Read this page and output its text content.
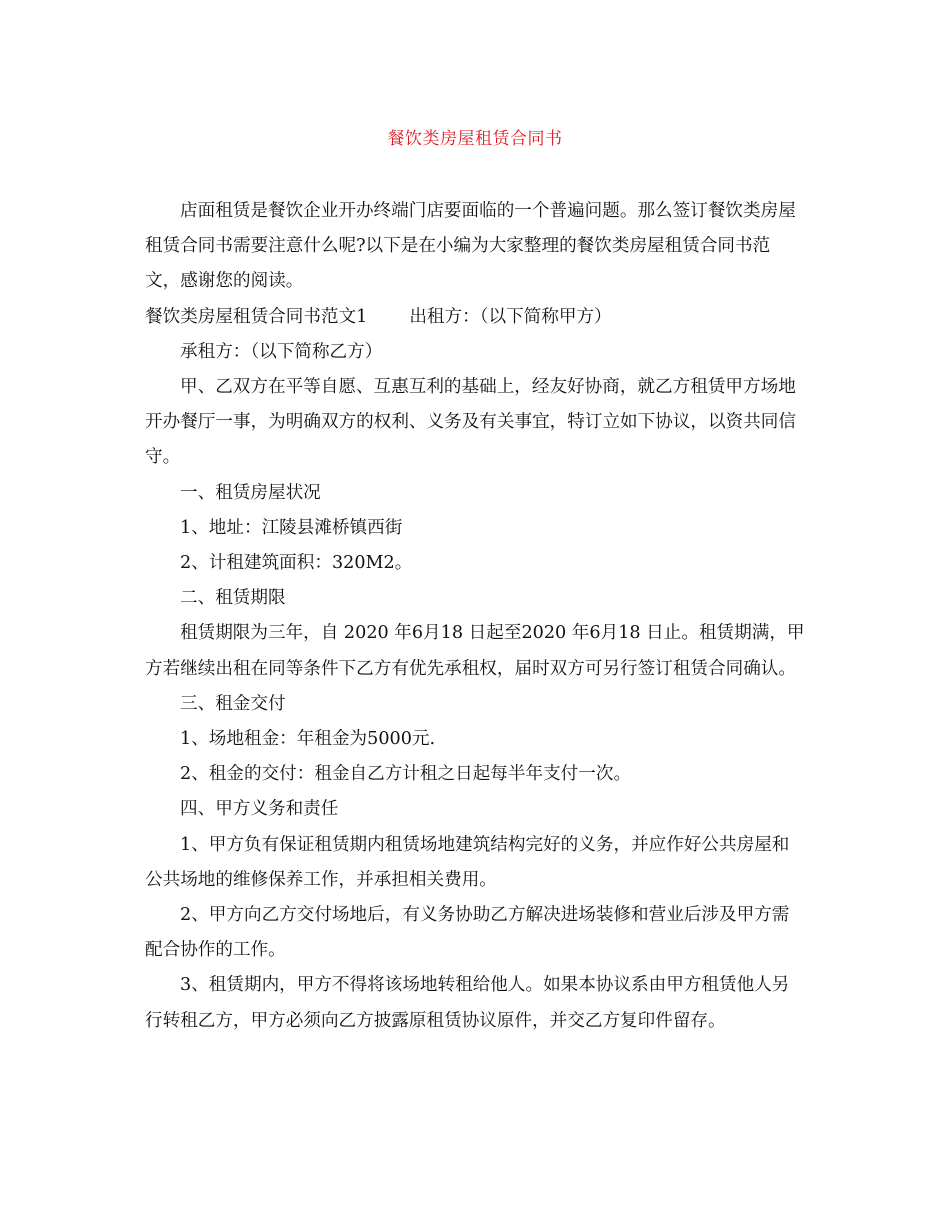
餐饮类房屋租赁合同书

店面租赁是餐饮企业开办终端门店要面临的一个普遍问题。那么签订餐饮类房屋租赁合同书需要注意什么呢?以下是在小编为大家整理的餐饮类房屋租赁合同书范文，感谢您的阅读。

餐饮类房屋租赁合同书范文1 出租方：（以下简称甲方）

承租方：（以下简称乙方）

甲、乙双方在平等自愿、互惠互利的基础上，经友好协商，就乙方租赁甲方场地开办餐厅一事，为明确双方的权利、义务及有关事宜，特订立如下协议，以资共同信守。

一、租赁房屋状况

1、地址：江陵县滩桥镇西街

2、计租建筑面积：320M2。

二、租赁期限

租赁期限为三年，自 2020 年6月18 日起至2020 年6月18 日止。租赁期满，甲方若继续出租在同等条件下乙方有优先承租权，届时双方可另行签订租赁合同确认。

三、租金交付

1、场地租金：年租金为5000元.

2、租金的交付：租金自乙方计租之日起每半年支付一次。

四、甲方义务和责任

1、甲方负有保证租赁期内租赁场地建筑结构完好的义务，并应作好公共房屋和公共场地的维修保养工作，并承担相关费用。

2、甲方向乙方交付场地后，有义务协助乙方解决进场装修和营业后涉及甲方需配合协作的工作。

3、租赁期内，甲方不得将该场地转租给他人。如果本协议系由甲方租赁他人另行转租乙方，甲方必须向乙方披露原租赁协议原件，并交乙方复印件留存。
